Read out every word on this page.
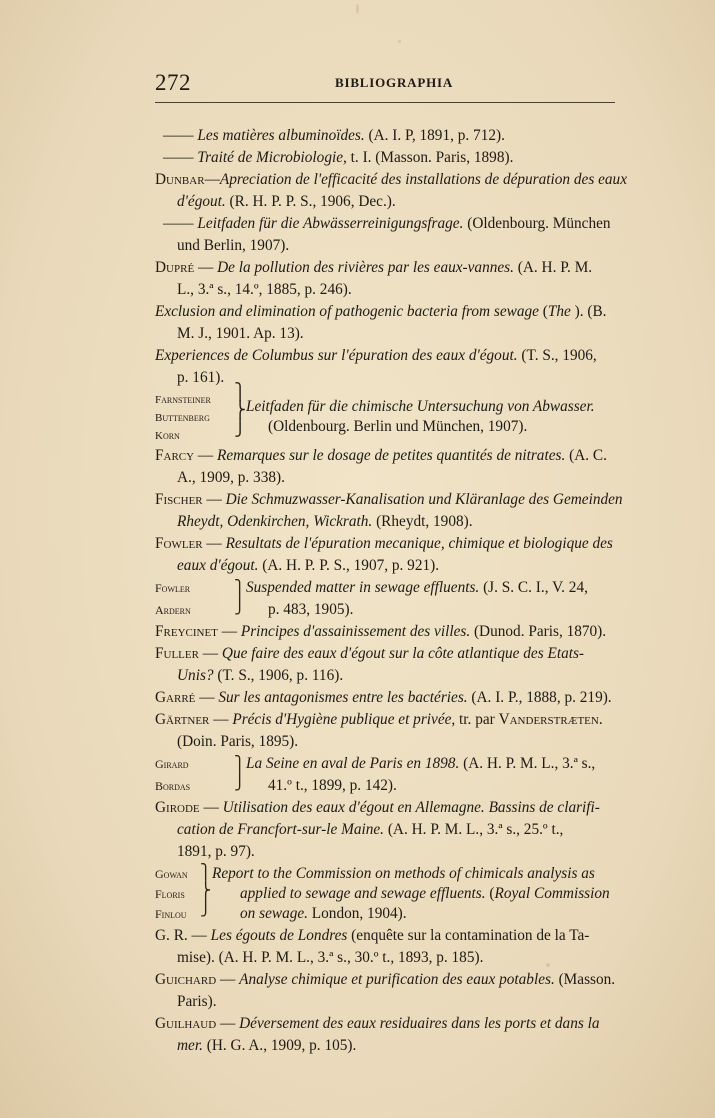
272	BIBLIOGRAPHIA
—— Les matières albuminoïdes. (A. I. P, 1891, p. 712).
—— Traité de Microbiologie, t. I. (Masson. Paris, 1898).
Dunbar—Apreciation de l'efficacité des installations de dépuration des eaux
d'égout. (R. H. P. P. S., 1906, Dec.).
—— Leitfaden für die Abwässerreinigungsfrage. (Oldenbourg. München
und Berlin, 1907).
Dupré — De la pollution des rivières par les eaux-vannes. (A. H. P. M.
L., 3.ª s., 14.º, 1885, p. 246).
Exclusion and elimination of pathogenic bacteria from sewage (The ). (B.
M. J., 1901. Ap. 13).
Experiences de Columbus sur l'épuration des eaux d'égout. (T. S., 1906,
p. 161).
Farnsteiner
Buttenberg
Korn
Leitfaden für die chimische Untersuchung von Abwasser.
(Oldenbourg. Berlin und München, 1907).
Farcy — Remarques sur le dosage de petites quantités de nitrates. (A. C.
A., 1909, p. 338).
Fischer — Die Schmuzwasser-Kanalisation und Kläranlage des Gemeinden
Rheydt, Odenkirchen, Wickrath. (Rheydt, 1908).
Fowler — Resultats de l'épuration mecanique, chimique et biologique des
eaux d'égout. (A. H. P. P. S., 1907, p. 921).
Fowler
Ardern
Suspended matter in sewage effluents. (J. S. C. I., V. 24,
p. 483, 1905).
Freycinet — Principes d'assainissement des villes. (Dunod. Paris, 1870).
Fuller — Que faire des eaux d'égout sur la côte atlantique des Etats-
Unis? (T. S., 1906, p. 116).
Garré — Sur les antagonismes entre les bactéries. (A. I. P., 1888, p. 219).
Gärtner — Précis d'Hygiène publique et privée, tr. par Vanderstræten.
(Doin. Paris, 1895).
Girard
Bordas
La Seine en aval de Paris en 1898. (A. H. P. M. L., 3.ª s.,
41.º t., 1899, p. 142).
Girode — Utilisation des eaux d'égout en Allemagne. Bassins de clarifi-
cation de Francfort-sur-le Maine. (A. H. P. M. L., 3.ª s., 25.º t.,
1891, p. 97).
Gowan
Floris
Finlou
Report to the Commission on methods of chimicals analysis as
applied to sewage and sewage effluents. (Royal Commission
on sewage. London, 1904).
G. R. — Les égouts de Londres (enquête sur la contamination de la Ta-
mise). (A. H. P. M. L., 3.ª s., 30.º t., 1893, p. 185).
Guichard — Analyse chimique et purification des eaux potables. (Masson.
Paris).
Guilhaud — Déversement des eaux residuaires dans les ports et dans la
mer. (H. G. A., 1909, p. 105).
⎫
⎬
⎭
⎫
⎭
⎫
⎭
⎫
⎬
⎭
